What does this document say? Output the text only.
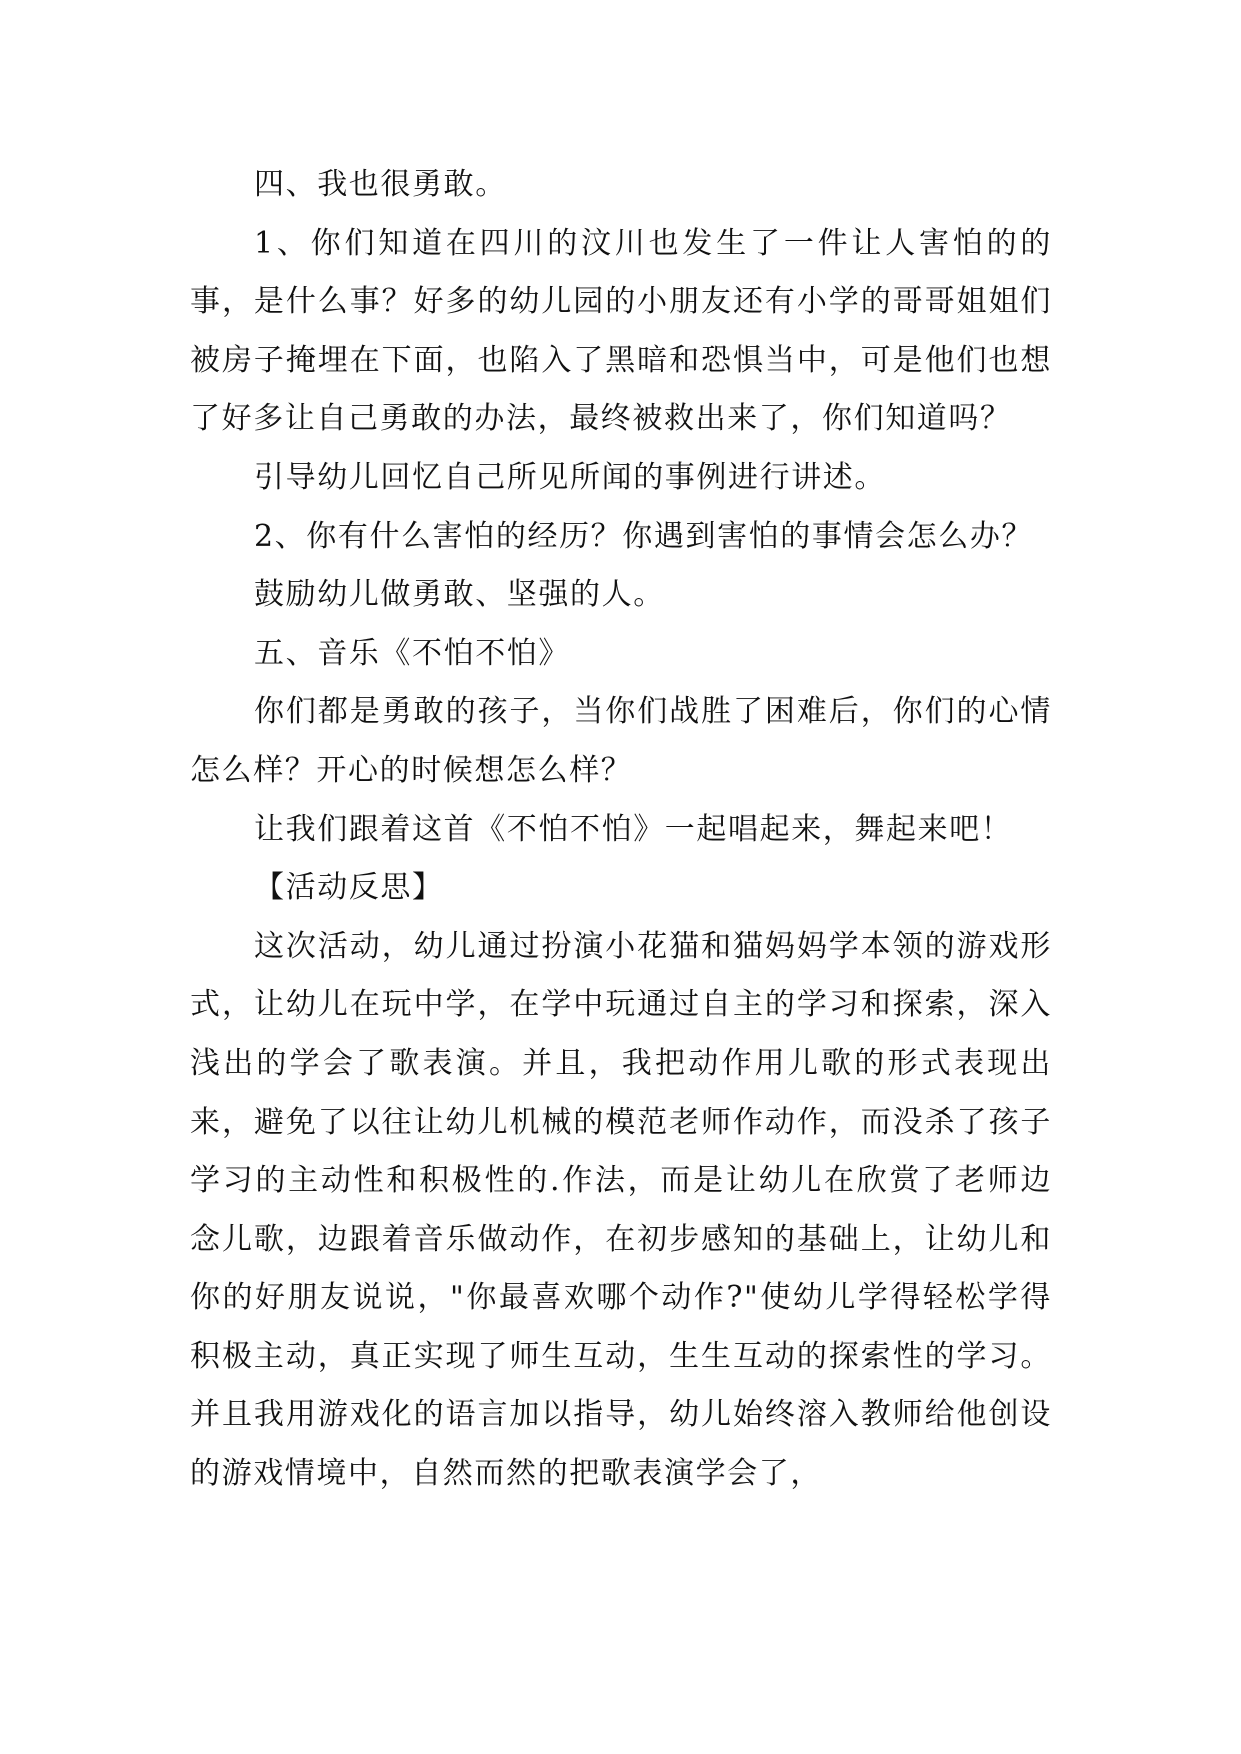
四、我也很勇敢。

1、你们知道在四川的汶川也发生了一件让人害怕的的事，是什么事？好多的幼儿园的小朋友还有小学的哥哥姐姐们被房子掩埋在下面，也陷入了黑暗和恐惧当中，可是他们也想了好多让自己勇敢的办法，最终被救出来了，你们知道吗？

引导幼儿回忆自己所见所闻的事例进行讲述。

2、你有什么害怕的经历？你遇到害怕的事情会怎么办？

鼓励幼儿做勇敢、坚强的人。

五、音乐《不怕不怕》

你们都是勇敢的孩子，当你们战胜了困难后，你们的心情怎么样？开心的时候想怎么样？

让我们跟着这首《不怕不怕》一起唱起来，舞起来吧！

【活动反思】

这次活动，幼儿通过扮演小花猫和猫妈妈学本领的游戏形式，让幼儿在玩中学，在学中玩通过自主的学习和探索，深入浅出的学会了歌表演。并且，我把动作用儿歌的形式表现出来，避免了以往让幼儿机械的模范老师作动作，而没杀了孩子学习的主动性和积极性的.作法，而是让幼儿在欣赏了老师边念儿歌，边跟着音乐做动作，在初步感知的基础上，让幼儿和你的好朋友说说，"你最喜欢哪个动作?"使幼儿学得轻松学得积极主动，真正实现了师生互动，生生互动的探索性的学习。并且我用游戏化的语言加以指导，幼儿始终溶入教师给他创设的游戏情境中，自然而然的把歌表演学会了，
